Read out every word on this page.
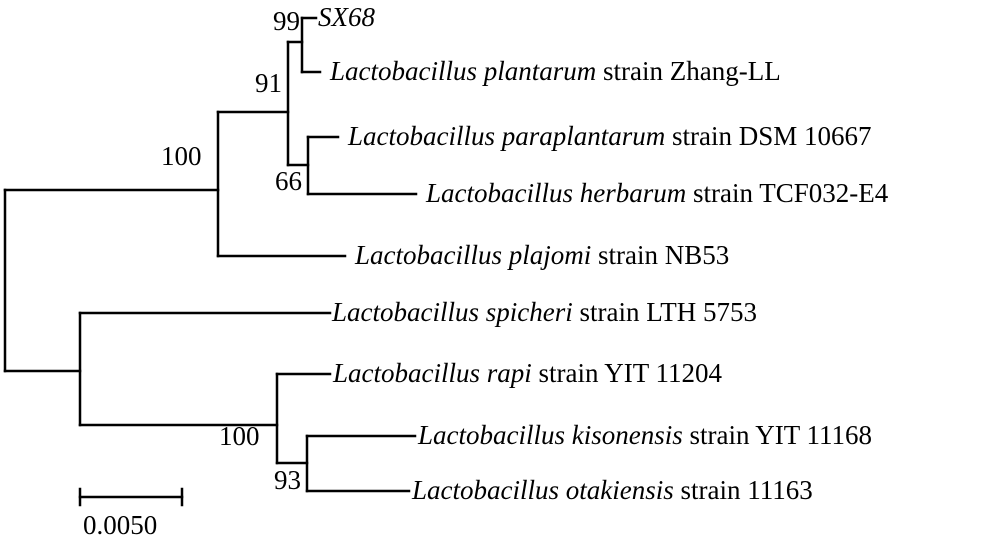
SX68
Lactobacillus plantarum strain Zhang-LL
Lactobacillus paraplantarum strain DSM 10667
Lactobacillus herbarum strain TCF032-E4
Lactobacillus plajomi strain NB53
Lactobacillus spicheri strain LTH 5753
Lactobacillus rapi strain YIT 11204
Lactobacillus kisonensis strain YIT 11168
Lactobacillus otakiensis strain 11163
99
91
66
100
100
93
0.0050
